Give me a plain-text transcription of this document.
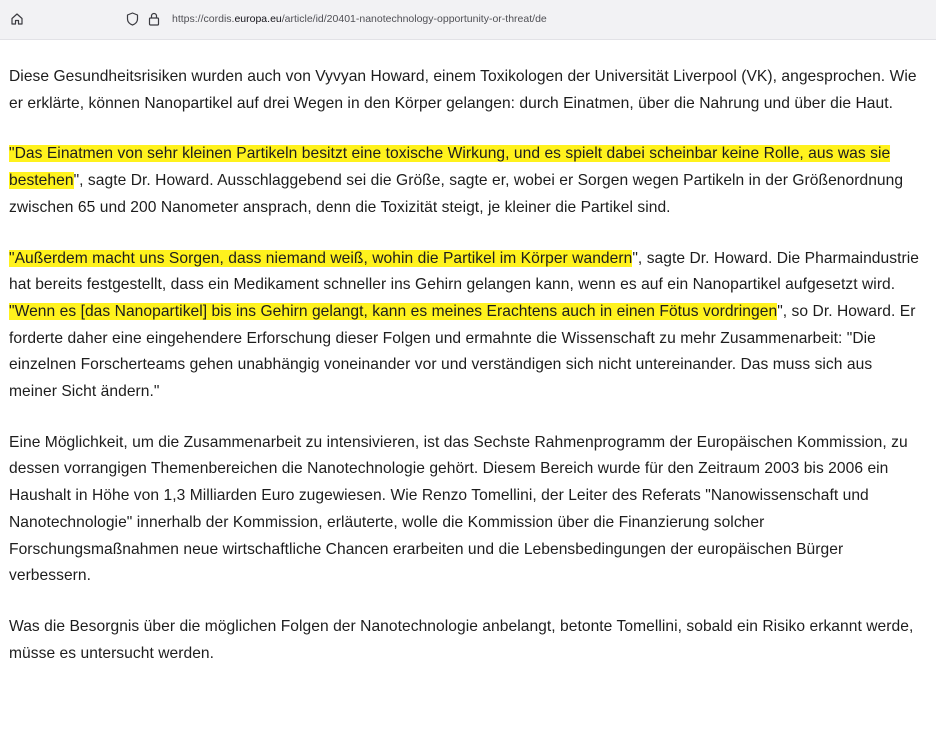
https://cordis.europa.eu/article/id/20401-nanotechnology-opportunity-or-threat/de

Diese Gesundheitsrisiken wurden auch von Vyvyan Howard, einem Toxikologen der Universität Liverpool (VK), angesprochen. Wie er erklärte, können Nanopartikel auf drei Wegen in den Körper gelangen: durch Einatmen, über die Nahrung und über die Haut.

"Das Einatmen von sehr kleinen Partikeln besitzt eine toxische Wirkung, und es spielt dabei scheinbar keine Rolle, aus was sie bestehen", sagte Dr. Howard. Ausschlaggebend sei die Größe, sagte er, wobei er Sorgen wegen Partikeln in der Größenordnung zwischen 65 und 200 Nanometer ansprach, denn die Toxizität steigt, je kleiner die Partikel sind.

"Außerdem macht uns Sorgen, dass niemand weiß, wohin die Partikel im Körper wandern", sagte Dr. Howard. Die Pharmaindustrie hat bereits festgestellt, dass ein Medikament schneller ins Gehirn gelangen kann, wenn es auf ein Nanopartikel aufgesetzt wird. "Wenn es [das Nanopartikel] bis ins Gehirn gelangt, kann es meines Erachtens auch in einen Fötus vordringen", so Dr. Howard. Er forderte daher eine eingehendere Erforschung dieser Folgen und ermahnte die Wissenschaft zu mehr Zusammenarbeit: "Die einzelnen Forscherteams gehen unabhängig voneinander vor und verständigen sich nicht untereinander. Das muss sich aus meiner Sicht ändern."

Eine Möglichkeit, um die Zusammenarbeit zu intensivieren, ist das Sechste Rahmenprogramm der Europäischen Kommission, zu dessen vorrangigen Themenbereichen die Nanotechnologie gehört. Diesem Bereich wurde für den Zeitraum 2003 bis 2006 ein Haushalt in Höhe von 1,3 Milliarden Euro zugewiesen. Wie Renzo Tomellini, der Leiter des Referats "Nanowissenschaft und Nanotechnologie" innerhalb der Kommission, erläuterte, wolle die Kommission über die Finanzierung solcher Forschungsmaßnahmen neue wirtschaftliche Chancen erarbeiten und die Lebensbedingungen der europäischen Bürger verbessern.

Was die Besorgnis über die möglichen Folgen der Nanotechnologie anbelangt, betonte Tomellini, sobald ein Risiko erkannt werde, müsse es untersucht werden.
